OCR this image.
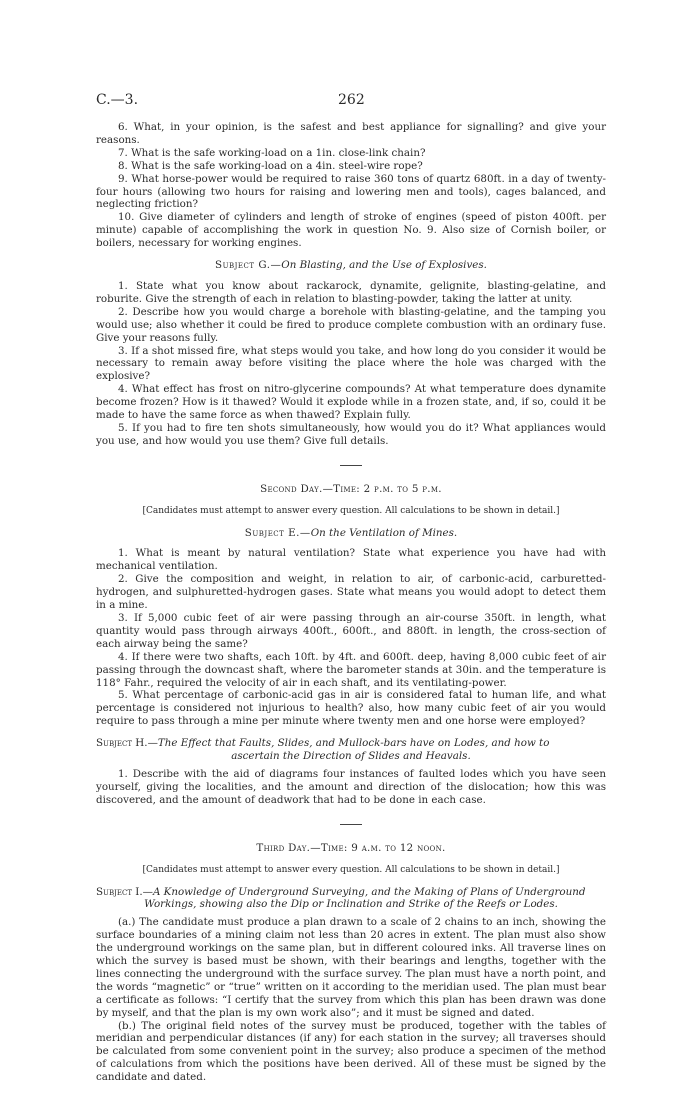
C.—3.	262

6. What, in your opinion, is the safest and best appliance for signalling? and give your reasons.

7. What is the safe working-load on a 1in. close-link chain?

8. What is the safe working-load on a 4in. steel-wire rope?

9. What horse-power would be required to raise 360 tons of quartz 680ft. in a day of twenty-four hours (allowing two hours for raising and lowering men and tools), cages balanced, and neglecting friction?

10. Give diameter of cylinders and length of stroke of engines (speed of piston 400ft. per minute) capable of accomplishing the work in question No. 9. Also size of Cornish boiler, or boilers, necessary for working engines.

Subject G.—On Blasting, and the Use of Explosives.

1. State what you know about rackarock, dynamite, gelignite, blasting-gelatine, and roburite. Give the strength of each in relation to blasting-powder, taking the latter at unity.

2. Describe how you would charge a borehole with blasting-gelatine, and the tamping you would use; also whether it could be fired to produce complete combustion with an ordinary fuse. Give your reasons fully.

3. If a shot missed fire, what steps would you take, and how long do you consider it would be necessary to remain away before visiting the place where the hole was charged with the explosive?

4. What effect has frost on nitro-glycerine compounds? At what temperature does dynamite become frozen? How is it thawed? Would it explode while in a frozen state, and, if so, could it be made to have the same force as when thawed? Explain fully.

5. If you had to fire ten shots simultaneously, how would you do it? What appliances would you use, and how would you use them? Give full details.

Second Day.—Time: 2 p.m. to 5 p.m.

[Candidates must attempt to answer every question. All calculations to be shown in detail.]

Subject E.—On the Ventilation of Mines.

1. What is meant by natural ventilation? State what experience you have had with mechanical ventilation.

2. Give the composition and weight, in relation to air, of carbonic-acid, carburetted-hydrogen, and sulphuretted-hydrogen gases. State what means you would adopt to detect them in a mine.

3. If 5,000 cubic feet of air were passing through an air-course 350ft. in length, what quantity would pass through airways 400ft., 600ft., and 880ft. in length, the cross-section of each airway being the same?

4. If there were two shafts, each 10ft. by 4ft. and 600ft. deep, having 8,000 cubic feet of air passing through the downcast shaft, where the barometer stands at 30in. and the temperature is 118° Fahr., required the velocity of air in each shaft, and its ventilating-power.

5. What percentage of carbonic-acid gas in air is considered fatal to human life, and what percentage is considered not injurious to health? also, how many cubic feet of air you would require to pass through a mine per minute where twenty men and one horse were employed?

Subject H.—The Effect that Faults, Slides, and Mullock-bars have on Lodes, and how to
ascertain the Direction of Slides and Heavals.

1. Describe with the aid of diagrams four instances of faulted lodes which you have seen yourself, giving the localities, and the amount and direction of the dislocation; how this was discovered, and the amount of deadwork that had to be done in each case.

Third Day.—Time: 9 a.m. to 12 noon.

[Candidates must attempt to answer every question. All calculations to be shown in detail.]

Subject I.—A Knowledge of Underground Surveying, and the Making of Plans of Underground
Workings, showing also the Dip or Inclination and Strike of the Reefs or Lodes.

(a.) The candidate must produce a plan drawn to a scale of 2 chains to an inch, showing the surface boundaries of a mining claim not less than 20 acres in extent. The plan must also show the underground workings on the same plan, but in different coloured inks. All traverse lines on which the survey is based must be shown, with their bearings and lengths, together with the lines connecting the underground with the surface survey. The plan must have a north point, and the words “magnetic” or “true” written on it according to the meridian used. The plan must bear a certificate as follows: “I certify that the survey from which this plan has been drawn was done by myself, and that the plan is my own work also”; and it must be signed and dated.

(b.) The original field notes of the survey must be produced, together with the tables of meridian and perpendicular distances (if any) for each station in the survey; all traverses should be calculated from some convenient point in the survey; also produce a specimen of the method of calculations from which the positions have been derived. All of these must be signed by the candidate and dated.
